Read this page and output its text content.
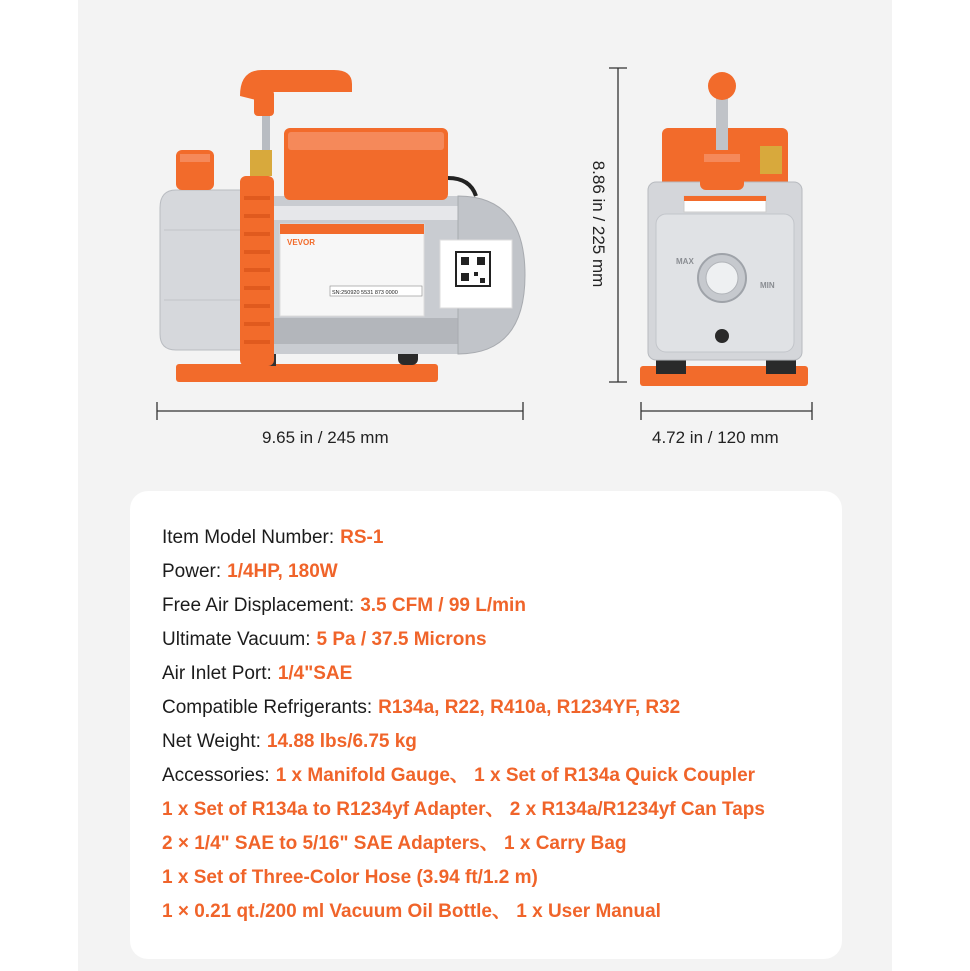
VEVOR
SN:250920 5531 873 0000
MAX
MIN
9.65 in / 245 mm	4.72 in / 120 mm
8.86 in / 225 mm
Item Model Number: RS-1
Power: 1/4HP, 180W
Free Air Displacement: 3.5 CFM / 99 L/min
Ultimate Vacuum: 5 Pa / 37.5 Microns
Air Inlet Port: 1/4"SAE
Compatible Refrigerants: R134a, R22, R410a, R1234YF, R32
Net Weight: 14.88 lbs/6.75 kg
Accessories: 1 x Manifold Gauge、 1 x Set of R134a Quick Coupler
1 x Set of R134a to R1234yf Adapter、 2 x R134a/R1234yf Can Taps
2 × 1/4" SAE to 5/16" SAE Adapters、 1 x Carry Bag
1 x Set of Three-Color Hose (3.94 ft/1.2 m)
1 × 0.21 qt./200 ml Vacuum Oil Bottle、 1 x User Manual
